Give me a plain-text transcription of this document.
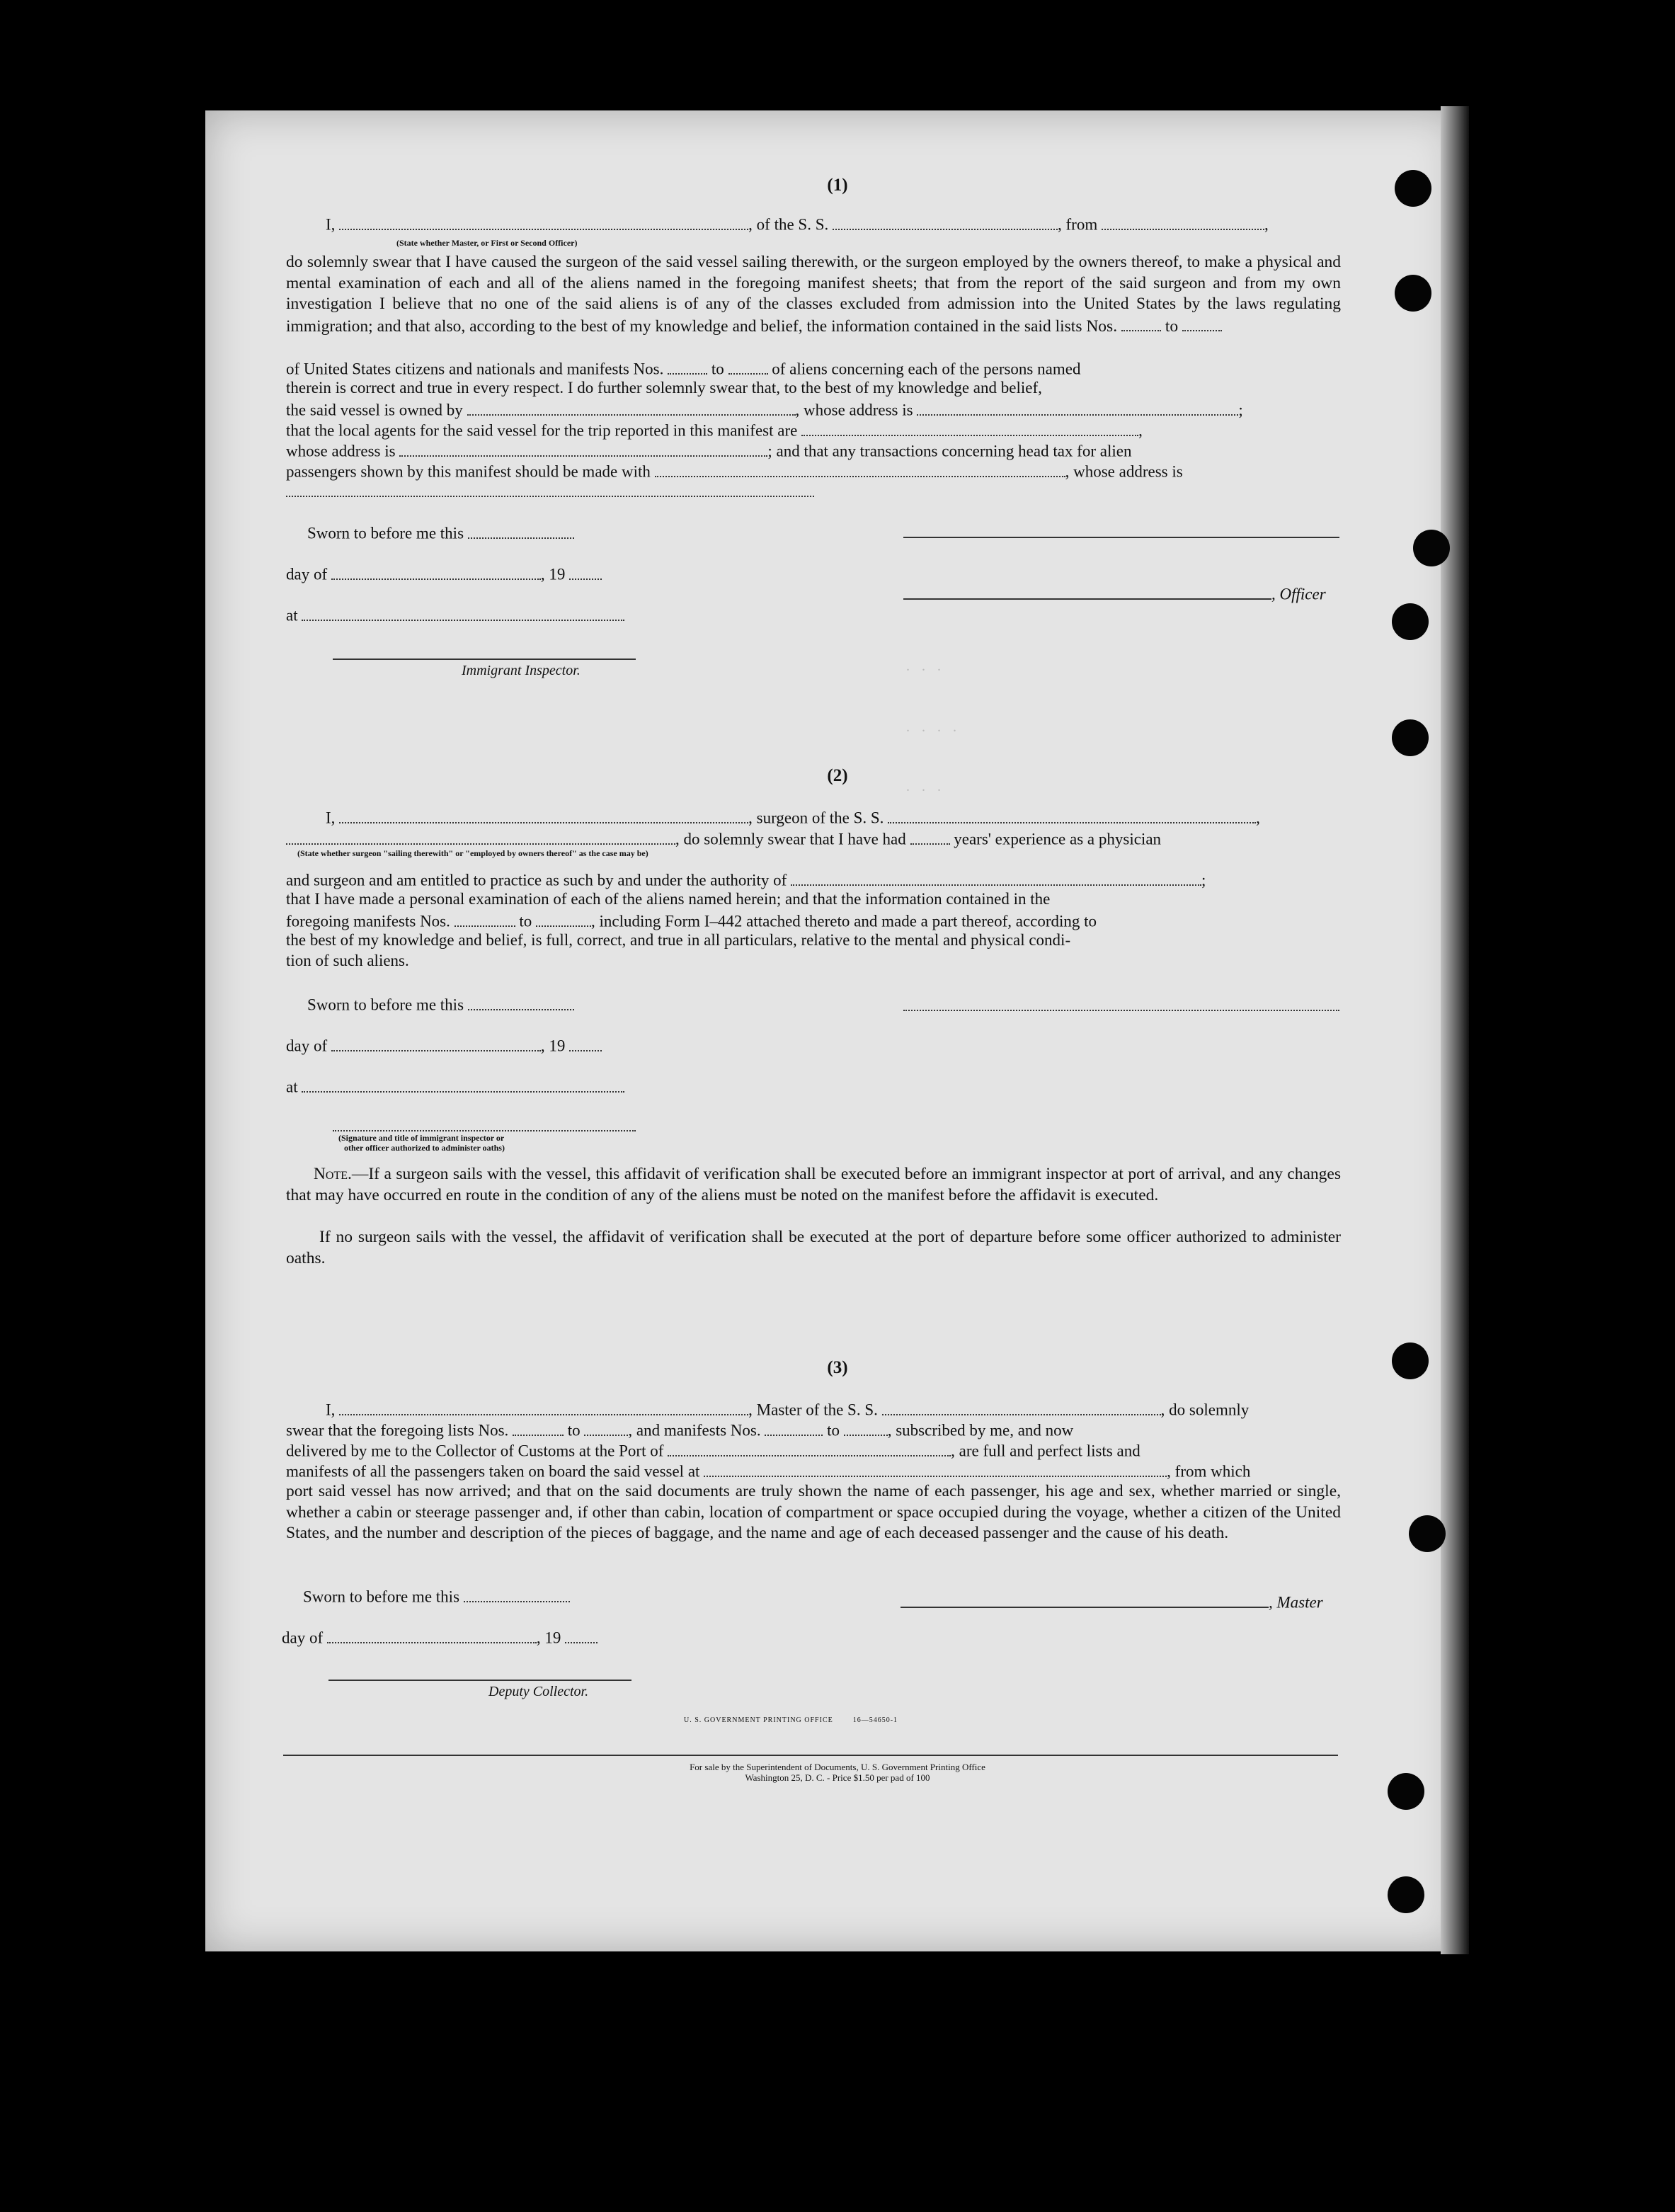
(1)
I,	, of the S. S.	, from	,
(State whether Master, or First or Second Officer)
do solemnly swear that I have caused the surgeon of the said vessel sailing therewith, or the surgeon employed by the owners thereof, to make a physical and mental examination of each and all of the aliens named in the foregoing manifest sheets; that from the report of the said surgeon and from my own investigation I believe that no one of the said aliens is of any of the classes excluded from admission into the United States by the laws regulating immigration; and that also, according to the best of my knowledge and belief, the information contained in the said lists Nos.	to
of United States citizens and nationals and manifests Nos.	to	of aliens concerning each of the persons named
therein is correct and true in every respect. I do further solemnly swear that, to the best of my knowledge and belief,
the said vessel is owned by	, whose address is	;
that the local agents for the said vessel for the trip reported in this manifest are	,
whose address is	; and that any transactions concerning head tax for alien
passengers shown by this manifest should be made with	, whose address is
Sworn to before me this
day of	, 19
at
Immigrant Inspector.
, Officer
. . .
. . . .
. . .
(2)
I,	, surgeon of the S. S.	,
, do solemnly swear that I have had	years' experience as a physician
(State whether surgeon "sailing therewith" or "employed by owners thereof" as the case may be)
and surgeon and am entitled to practice as such by and under the authority of	;
that I have made a personal examination of each of the aliens named herein; and that the information contained in the
foregoing manifests Nos.	to	, including Form I–442 attached thereto and made a part thereof, according to
the best of my knowledge and belief, is full, correct, and true in all particulars, relative to the mental and physical condi-
tion of such aliens.
Sworn to before me this
day of	, 19
at
(Signature and title of immigrant inspector or
other officer authorized to administer oaths)
Note.—If a surgeon sails with the vessel, this affidavit of verification shall be executed before an immigrant inspector at port of arrival, and any changes that may have occurred en route in the condition of any of the aliens must be noted on the manifest before the affidavit is executed.
If no surgeon sails with the vessel, the affidavit of verification shall be executed at the port of departure before some officer authorized to administer oaths.
(3)
I,	, Master of the S. S.	, do solemnly
swear that the foregoing lists Nos.	to	, and manifests Nos.	to	, subscribed by me, and now
delivered by me to the Collector of Customs at the Port of	, are full and perfect lists and
manifests of all the passengers taken on board the said vessel at	, from which
port said vessel has now arrived; and that on the said documents are truly shown the name of each passenger, his age and sex, whether married or single, whether a cabin or steerage passenger and, if other than cabin, location of compartment or space occupied during the voyage, whether a citizen of the United States, and the number and description of the pieces of baggage, and the name and age of each deceased passenger and the cause of his death.
Sworn to before me this
day of	, 19
, Master
Deputy Collector.
U. S. GOVERNMENT PRINTING OFFICE	16—54650-1
For sale by the Superintendent of Documents, U. S. Government Printing Office
Washington 25, D. C. - Price $1.50 per pad of 100
